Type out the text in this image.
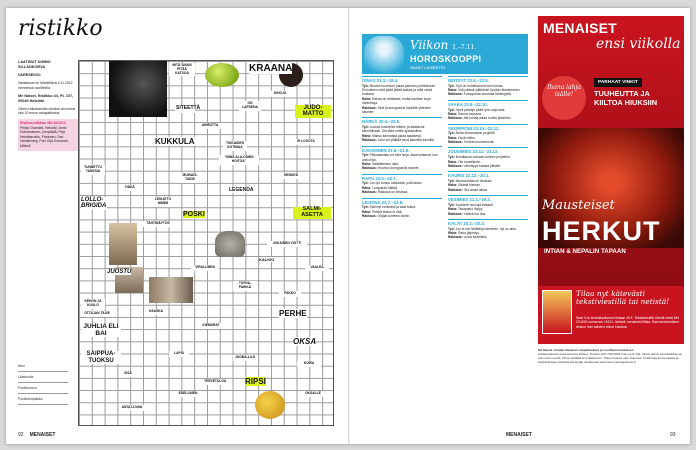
ristikko
LAATINUT KIMMO SILLANKORVA
VARESEKSI:
Vastaukset on lähetettävä 4.11.2012 mennessä osoitteella:
Me Naiset, Ristikko 44, PL 107, 00040 Helsinki
Oikein ratkaisseiden kesken arvomme viisi 10 euron rahapalkintoa.
Ristikonratkaisu MN 40/2012
Pirkko Grandell, Helsinki; Anne Kolehmainen, Lempäälä; Pirjo Heinäsenaho, Parainen; Sari Vanderberg, Pori; Eija Kinnunen, Mikkeli
KRAANA
JUDO-MATTO
KUKKULA
LEGENDA
POSKI
SALMI-ASETTA
JUOSTU
PERHE
OKSA
JUHLIA ELI BAI
SAIPPUA-TUOKSU
RIPSI
LOLLO-BRIGIDA
KALKKI
MITÄ SINUN PITÄÄ KATSOA
ON LAPSENA
SITEETTÄ
KIHOJA
EI LOVOTA
TIKKAIDEN KOTIMAA
AIHEUTTA
"MINÄ ALA-OSIEN HOITOA"
TUNNETTU TANSSIA
MUINAIS-TAIDE
HÄKÄ
HENKEÄ
LEIKATTU NIMEÄ
JOKAINEN VOITTI
EDELLINEN
TERVETULOA
KEHON JA KUULO
TURVA-PAIKKA
VIRALLINEN
PAKKO
HAUSKA
VAALEA
KIEMURAT
JUOMA-LAJI
OTTAJAN TILEE
KOIRA
LAPSI
SISÄ
OKSALLE
ANTA LUVAN
TÄHTINÄYTÖS
Nimi
Lähiosoite
Postinumero
Postitoimipaikka
92 MENAISET
Viikon 1.–7.11.
HOROSKOOPPI
MAARIT LAURENTTO
OINAS 21.3.–19.4.
Työ: Muutan huomioni palaa paineen pohtimiseen. Ehdottelen mitä pitää jättää taakse ja mitä viedä mukana.
Raha: Rahaa on riittävästi, mutta harkitse isoja hankintoja.
Rakkaus: Sinä ja kumppanisi löydätte yhteisen sävelen.
HÄRKÄ 20.4.–20.5.
Työ: Luokka kuuntelee kiiteen ja aikataulut sännöllisesti. Ota tilaa omille ajatuksillesi.
Raha: Maksu kannattaa jakaa tasaisesti.
Rakkaus: Joku voi yllättää sinut kauniilla sanoilla.
KAKSONEN 21.5.–21.6.
Työ: Pikkuasioista voi tulla isoja. Asiat luistavat, kun otat ohjat.
Raha: Säästämisen aika.
Rakkaus: Huomioi kumppanisi tarpeet.
RAPU 22.6.–22.7.
Työ: Jos työ tuntuu raskaalta, pidä tauko.
Raha: Lompakko kiittää.
Rakkaus: Rakkaus on ilmassa.
LEIJONA 23.7.–22.8.
Työ: Esiinnyt rohkeasti ja saat tukea.
Raha: Pelkkä status ei riitä.
Rakkaus: Ohjaat tunteesi oikein.
NEITSYT 23.8.–22.9.
Työ: Työt on hoidettava ennen lomaa.
Raha: Voit päästä yllättävän hyvään tilanteeseen.
Rakkaus: Kumppanisi arvostaa läheisyyttä.
VAAKA 23.9.–22.10.
Työ: Hyvä päivitys pitää työn sujuvana.
Raha: Kanna vastuuta.
Rakkaus: Älä tuhlaa aikaa turhiin kiistoihin.
SKORPIONI 23.10.–22.11.
Työ: Aloita kiinnostavat projektit.
Raha: Hyvä viikko.
Rakkaus: Tunteet kuumenevat.
JOUSIMIES 23.11.–21.12.
Työ: Ilmoittaudu mukaan uuteen projektiin.
Raha: Ole huolellinen.
Rakkaus: Läheisyys kantaa pitkälle.
KAURIS 22.12.–20.1.
Työ: Muutosvirtaa on ilmassa.
Raha: Säästä hieman.
Rakkaus: Ota omaa aikaa.
VESIMIES 21.1.–19.2.
Työ: Kuuntele neuvoja tarkasti.
Raha: Tasapaino löytyy.
Rakkaus: Ystävä tuo iloa.
KALAT 20.2.–20.3.
Työ: Jos et ole hellittänyt aiemmin, nyt on aika.
Raha: Raha järjestyy.
Rakkaus: Luota tunteisiisi.
MENAISET	93
MENAISET
ensi viikolla
Ihana lahja isälle!
PARHAAT VINKIT
TUUHEUTTA JA KIILTOA HIUKSIIN
Mausteiset
HERKUT
INTIAN & NEPALIN TAPAAN
Tilaa nyt kätevästi tekstiviestillä tai netistä!
Saat 3 nk kestotilauksena hintaan 49 €. Tekstiviestillä: lähetä viesti MN ZZ4000 numeroon 16121. Netistä: menaiset.fi/tilaa. Saat ensimmäisen lehden noin kahden viikon kuluttua.
Me Naiset -lehden tilaukset, lahjatilaukset ja osoitteenmuutokset:
Asiakaspalvelu www.sanoma.fi/tilaus. Puhelin 020 799 0000 (ma–pe 8–18). Tilaus jatkuu kestotilauksena, ellei toisin sovita. Hinta sisältää arvonlisäveron. Tilaus koskee vain Suomea. Lisätietoja tietosuojasta ja henkilötietojen käsittelystä löydät osoitteesta www.sanomamagazines.fi.
